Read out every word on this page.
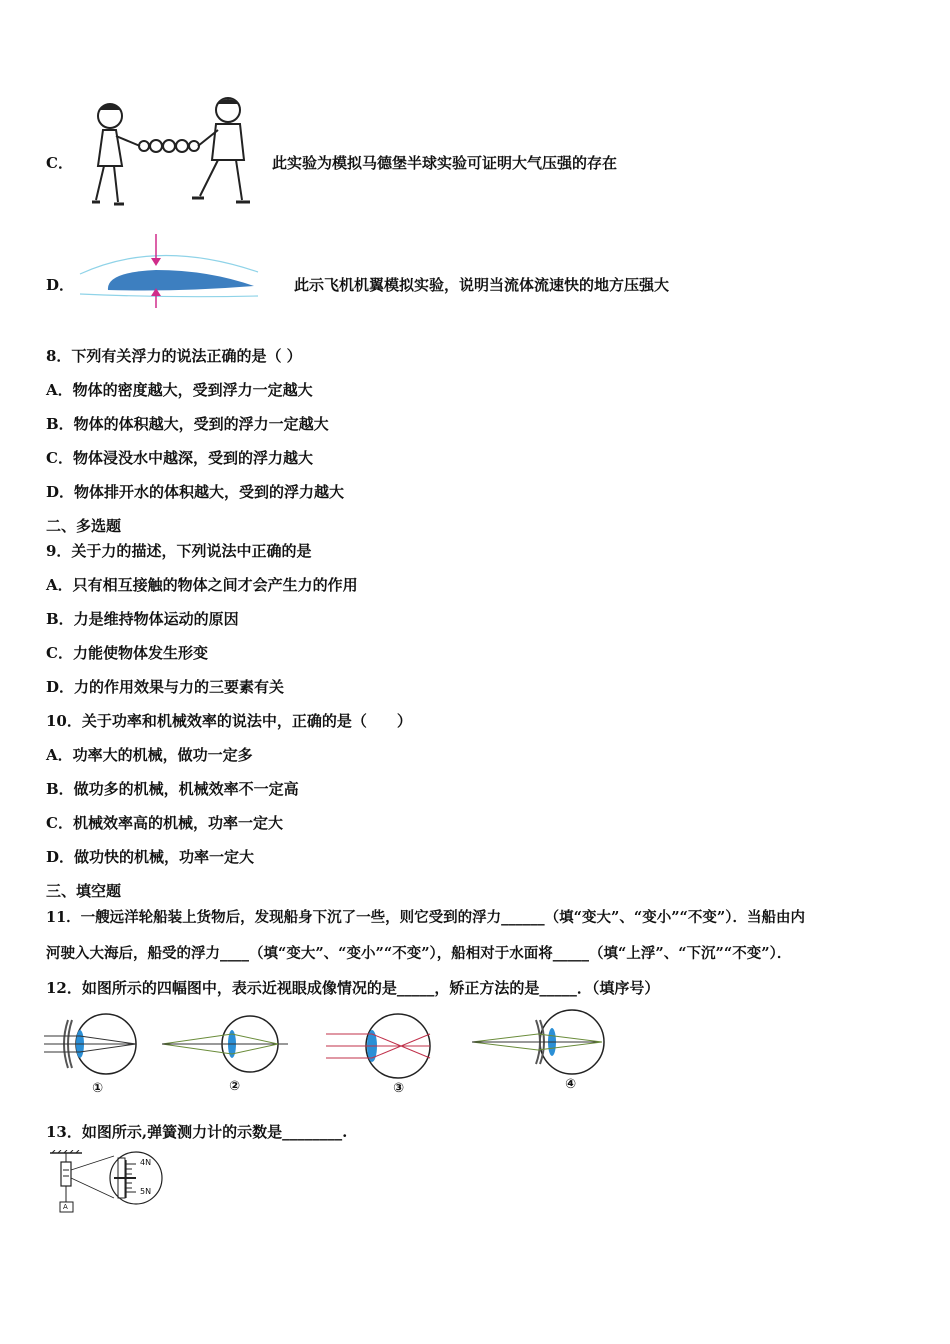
C．	此实验为模拟马德堡半球实验可证明大气压强的存在
D．	此示飞机机翼模拟实验，说明当流体流速快的地方压强大
8．下列有关浮力的说法正确的是（ ）
A．物体的密度越大，受到浮力一定越大
B．物体的体积越大，受到的浮力一定越大
C．物体浸没水中越深，受到的浮力越大
D．物体排开水的体积越大，受到的浮力越大
二、多选题
9．关于力的描述，下列说法中正确的是
A．只有相互接触的物体之间才会产生力的作用
B．力是维持物体运动的原因
C．力能使物体发生形变
D．力的作用效果与力的三要素有关
10．关于功率和机械效率的说法中，正确的是（　　）
A．功率大的机械，做功一定多
B．做功多的机械，机械效率不一定高
C．机械效率高的机械，功率一定大
D．做功快的机械，功率一定大
三、填空题
11．一艘远洋轮船装上货物后，发现船身下沉了一些，则它受到的浮力______（填“变大”、“变小”“不变”）．当船由内
河驶入大海后，船受的浮力____（填“变大”、“变小”“不变”），船相对于水面将_____（填“上浮”、“下沉”“不变”）．
12．如图所示的四幅图中，表示近视眼成像情况的是_____，矫正方法的是_____．（填序号）
①	②	③	④
13．如图所示,弹簧测力计的示数是________.
4N
5N
A
